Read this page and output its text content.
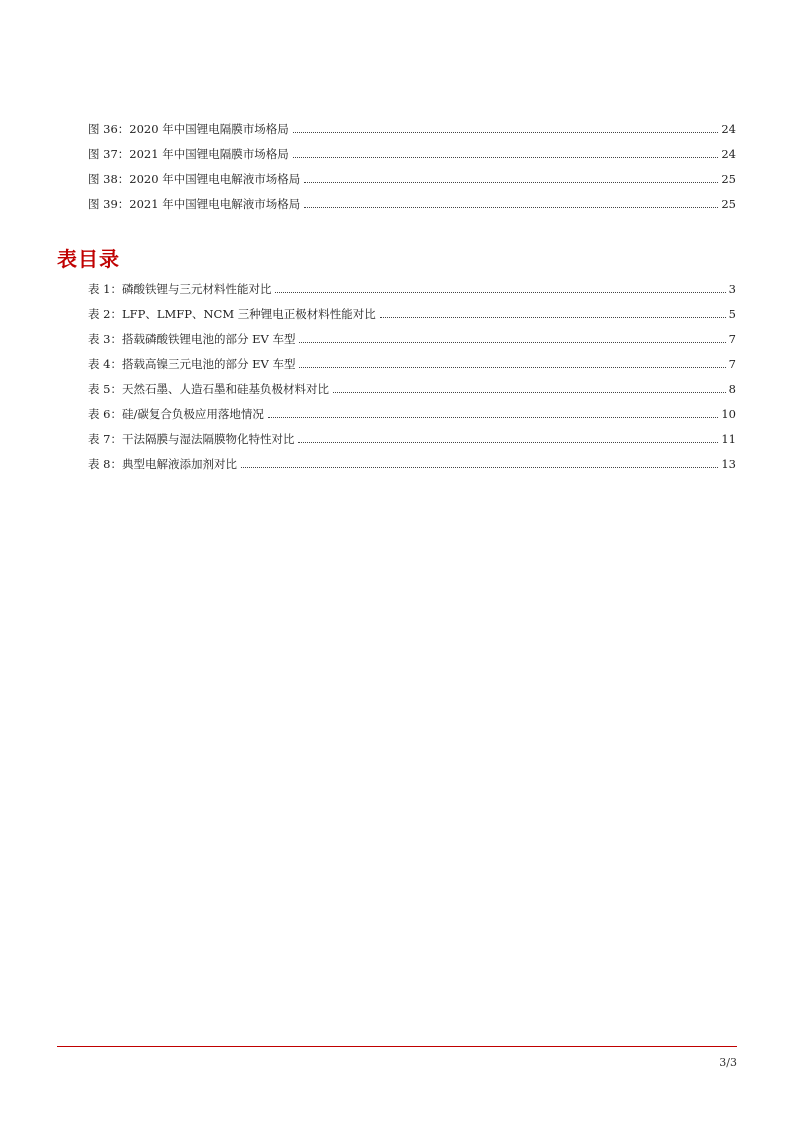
图 36：2020 年中国锂电隔膜市场格局	24
图 37：2021 年中国锂电隔膜市场格局	24
图 38：2020 年中国锂电电解液市场格局	25
图 39：2021 年中国锂电电解液市场格局	25
表目录
表 1：磷酸铁锂与三元材料性能对比	3
表 2：LFP、LMFP、NCM 三种锂电正极材料性能对比	5
表 3：搭载磷酸铁锂电池的部分 EV 车型	7
表 4：搭载高镍三元电池的部分 EV 车型	7
表 5：天然石墨、人造石墨和硅基负极材料对比	8
表 6：硅/碳复合负极应用落地情况	10
表 7：干法隔膜与湿法隔膜物化特性对比	11
表 8：典型电解液添加剂对比	13
3/3
